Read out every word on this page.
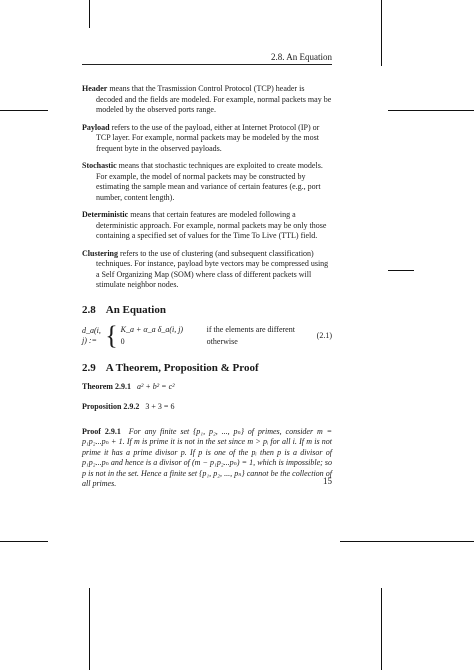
2.8. An Equation
Header means that the Trasmission Control Protocol (TCP) header is decoded and the fields are modeled. For example, normal packets may be modeled by the observed ports range.
Payload refers to the use of the payload, either at Internet Protocol (IP) or TCP layer. For example, normal packets may be modeled by the most frequent byte in the observed payloads.
Stochastic means that stochastic techniques are exploited to create models. For example, the model of normal packets may be constructed by estimating the sample mean and variance of certain features (e.g., port number, content length).
Deterministic means that certain features are modeled following a deterministic approach. For example, normal packets may be only those containing a specified set of values for the Time To Live (TTL) field.
Clustering refers to the use of clustering (and subsequent classification) techniques. For instance, payload byte vectors may be compressed using a Self Organizing Map (SOM) where class of different packets will stimulate neighbor nodes.
2.8 An Equation
d_a(i, j) := { K_a + α_a δ_a(i, j)	if the elements are different
0	otherwise
(2.1)
2.9 A Theorem, Proposition & Proof
Theorem 2.9.1 a² + b² = c²
Proposition 2.9.2 3 + 3 = 6
Proof 2.9.1 For any finite set {p₁, p₂, ..., pₙ} of primes, consider m = p₁p₂...pₙ + 1. If m is prime it is not in the set since m > pᵢ for all i. If m is not prime it has a prime divisor p. If p is one of the pᵢ then p is a divisor of p₁p₂...pₙ and hence is a divisor of (m − p₁p₂...pₙ) = 1, which is impossible; so p is not in the set. Hence a finite set {p₁, p₂, ..., pₙ} cannot be the collection of all primes.	15
